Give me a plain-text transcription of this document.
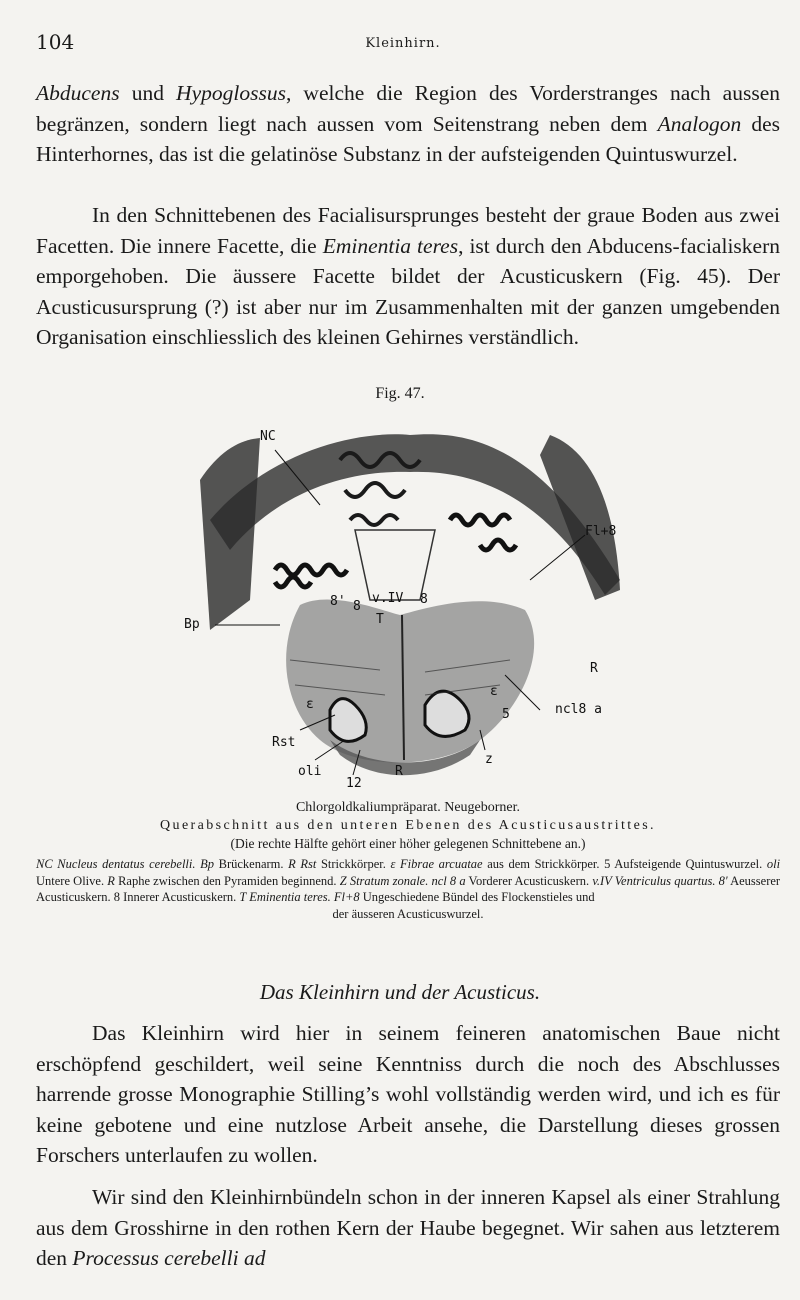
104	Kleinhirn.

Abducens und Hypoglossus, welche die Region des Vorderstranges nach aussen begränzen, sondern liegt nach aussen vom Seitenstrang neben dem Analogon des Hinterhornes, das ist die gelatinöse Substanz in der aufsteigenden Quintuswurzel.

In den Schnittebenen des Facialisursprunges besteht der graue Boden aus zwei Facetten. Die innere Facette, die Eminentia teres, ist durch den Abducens-facialiskern emporgehoben. Die äussere Facette bildet der Acusticuskern (Fig. 45). Der Acusticusursprung (?) ist aber nur im Zusammenhalten mit der ganzen umgebenden Organisation einschliesslich des kleinen Gehirnes verständlich.

Fig. 47.
NC
Fl+8
Bp
8' 8
v.IV 8
T
R
ε
ε
5	ncl8 a
Rst
oli	R
12
z
Chlorgoldkaliumpräparat. Neugeborner.
Querabschnitt aus den unteren Ebenen des Acusticusaustrittes.
(Die rechte Hälfte gehört einer höher gelegenen Schnittebene an.)
NC Nucleus dentatus cerebelli. Bp Brückenarm. R Rst Strickkörper. ε Fibrae arcuatae aus dem Strickkörper. 5 Aufsteigende Quintuswurzel. oli Untere Olive. R Raphe zwischen den Pyramiden beginnend. Z Stratum zonale. ncl 8 a Vorderer Acusticuskern. v.IV Ventriculus quartus. 8' Aeusserer Acusticuskern. 8 Innerer Acusticuskern. T Eminentia teres. Fl+8 Ungeschiedene Bündel des Flockenstieles und
der äusseren Acusticuswurzel.
Das Kleinhirn und der Acusticus.

Das Kleinhirn wird hier in seinem feineren anatomischen Baue nicht erschöpfend geschildert, weil seine Kenntniss durch die noch des Abschlusses harrende grosse Monographie Stilling’s wohl vollständig werden wird, und ich es für keine gebotene und eine nutzlose Arbeit ansehe, die Darstellung dieses grossen Forschers unterlaufen zu wollen.

Wir sind den Kleinhirnbündeln schon in der inneren Kapsel als einer Strahlung aus dem Grosshirne in den rothen Kern der Haube begegnet. Wir sahen aus letzterem den Processus cerebelli ad
